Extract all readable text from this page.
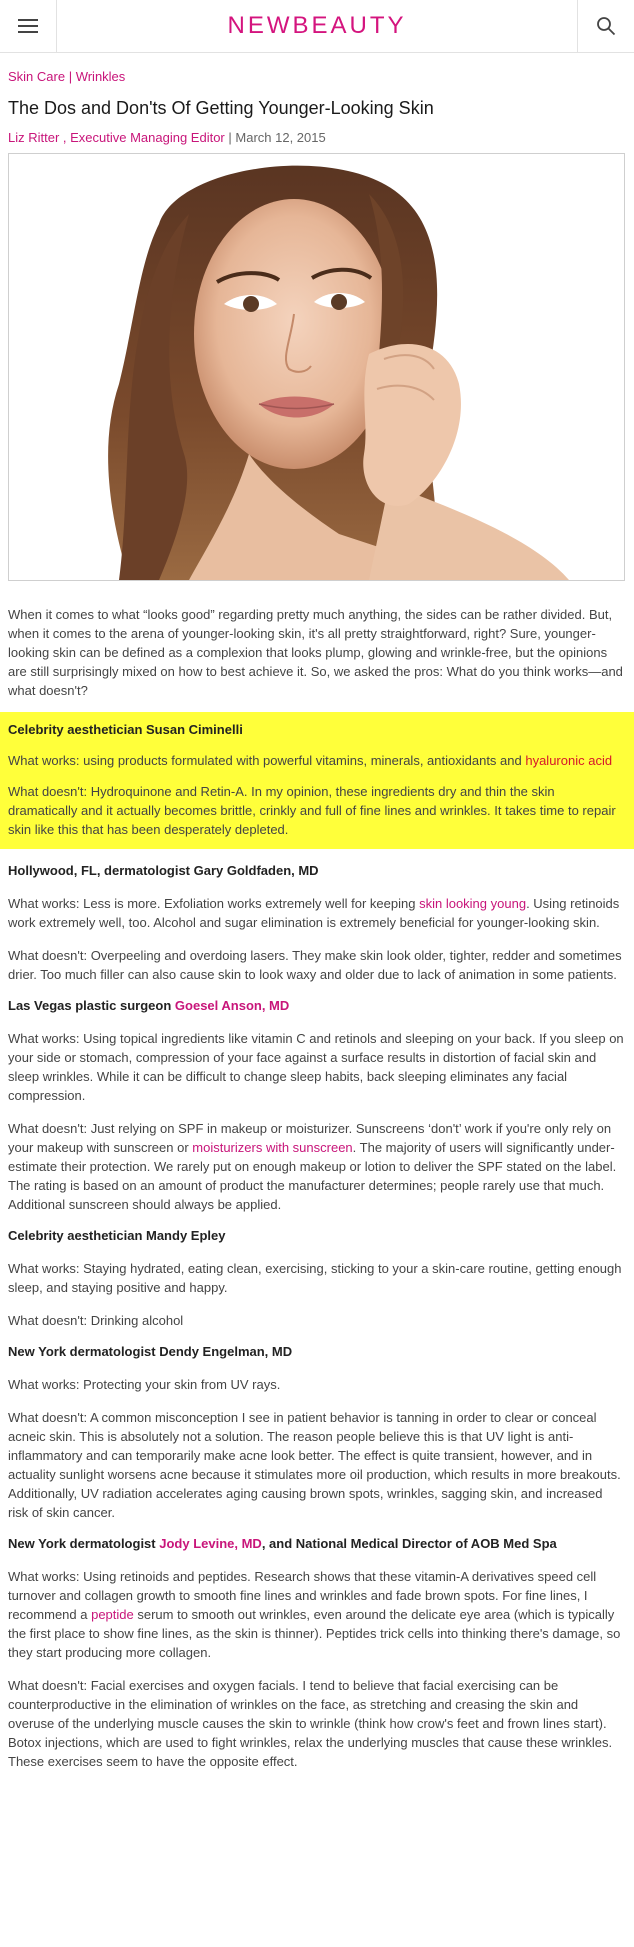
NEWBEAUTY
Skin Care | Wrinkles
The Dos and Don'ts Of Getting Younger-Looking Skin
Liz Ritter , Executive Managing Editor | March 12, 2015

When it comes to what “looks good” regarding pretty much anything, the sides can be rather divided. But, when it comes to the arena of younger-looking skin, it's all pretty straightforward, right? Sure, younger-looking skin can be defined as a complexion that looks plump, glowing and wrinkle-free, but the opinions are still surprisingly mixed on how to best achieve it. So, we asked the pros: What do you think works—and what doesn't?

Celebrity aesthetician Susan Ciminelli

What works: using products formulated with powerful vitamins, minerals, antioxidants and hyaluronic acid

What doesn't: Hydroquinone and Retin-A. In my opinion, these ingredients dry and thin the skin dramatically and it actually becomes brittle, crinkly and full of fine lines and wrinkles. It takes time to repair skin like this that has been desperately depleted.

Hollywood, FL, dermatologist Gary Goldfaden, MD

What works: Less is more. Exfoliation works extremely well for keeping skin looking young. Using retinoids work extremely well, too. Alcohol and sugar elimination is extremely beneficial for younger-looking skin.

What doesn't: Overpeeling and overdoing lasers. They make skin look older, tighter, redder and sometimes drier. Too much filler can also cause skin to look waxy and older due to lack of animation in some patients.

Las Vegas plastic surgeon Goesel Anson, MD

What works: Using topical ingredients like vitamin C and retinols and sleeping on your back. If you sleep on your side or stomach, compression of your face against a surface results in distortion of facial skin and sleep wrinkles. While it can be difficult to change sleep habits, back sleeping eliminates any facial compression.

What doesn't: Just relying on SPF in makeup or moisturizer. Sunscreens ‘don't’ work if you're only rely on your makeup with sunscreen or moisturizers with sunscreen. The majority of users will significantly under-estimate their protection. We rarely put on enough makeup or lotion to deliver the SPF stated on the label. The rating is based on an amount of product the manufacturer determines; people rarely use that much. Additional sunscreen should always be applied.

Celebrity aesthetician Mandy Epley

What works: Staying hydrated, eating clean, exercising, sticking to your a skin-care routine, getting enough sleep, and staying positive and happy.

What doesn't: Drinking alcohol

New York dermatologist Dendy Engelman, MD

What works: Protecting your skin from UV rays.

What doesn't: A common misconception I see in patient behavior is tanning in order to clear or conceal acneic skin. This is absolutely not a solution. The reason people believe this is that UV light is anti-inflammatory and can temporarily make acne look better. The effect is quite transient, however, and in actuality sunlight worsens acne because it stimulates more oil production, which results in more breakouts. Additionally, UV radiation accelerates aging causing brown spots, wrinkles, sagging skin, and increased risk of skin cancer.

New York dermatologist Jody Levine, MD, and National Medical Director of AOB Med Spa

What works: Using retinoids and peptides. Research shows that these vitamin-A derivatives speed cell turnover and collagen growth to smooth fine lines and wrinkles and fade brown spots. For fine lines, I recommend a peptide serum to smooth out wrinkles, even around the delicate eye area (which is typically the first place to show fine lines, as the skin is thinner). Peptides trick cells into thinking there's damage, so they start producing more collagen.

What doesn't: Facial exercises and oxygen facials. I tend to believe that facial exercising can be counterproductive in the elimination of wrinkles on the face, as stretching and creasing the skin and overuse of the underlying muscle causes the skin to wrinkle (think how crow's feet and frown lines start). Botox injections, which are used to fight wrinkles, relax the underlying muscles that cause these wrinkles. These exercises seem to have the opposite effect.
